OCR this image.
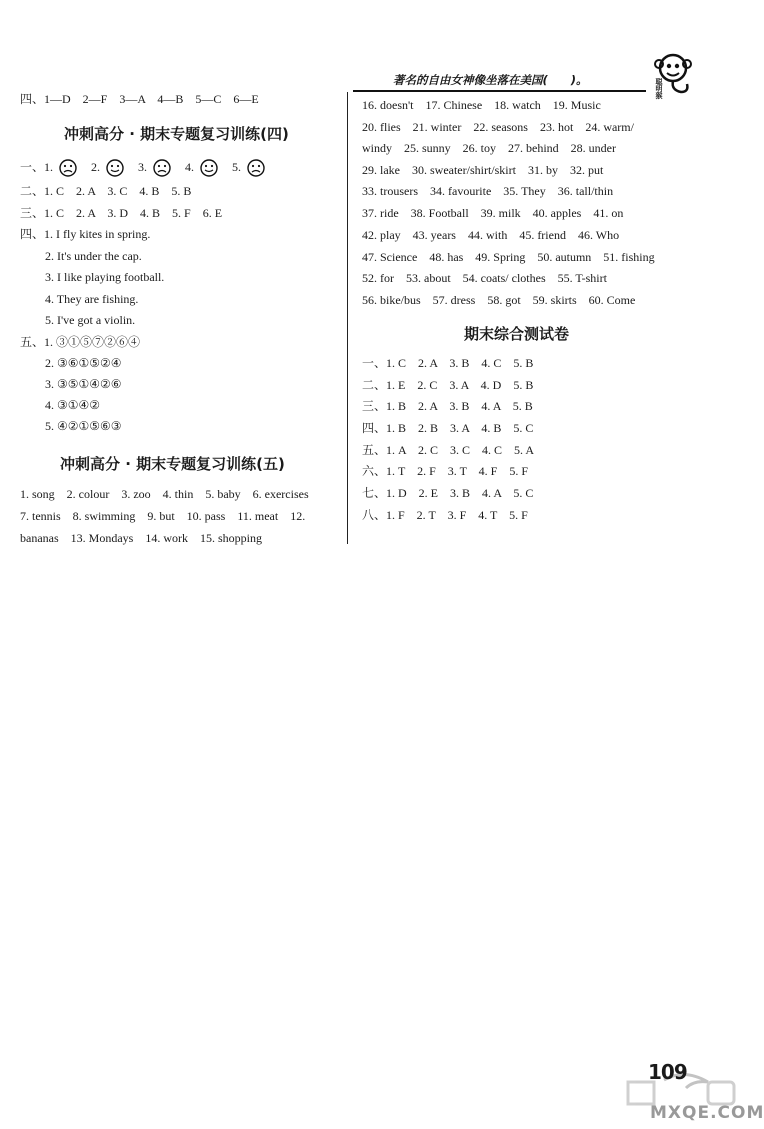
著名的自由女神像坐落在美国(　　)。	聪明猴
四、1—D　2—F　3—A　4—B　5—C　6—E
冲刺高分 · 期末专题复习训练(四)
一、1.	2.	3.	4.	5.
二、1. C　2. A　3. C　4. B　5. B
三、1. C　2. A　3. D　4. B　5. F　6. E
四、1. I fly kites in spring.
2. It's under the cap.
3. I like playing football.
4. They are fishing.
5. I've got a violin.
五、1. ③①⑤⑦②⑥④
2. ③⑥①⑤②④
3. ③⑤①④②⑥
4. ③①④②
5. ④②①⑤⑥③
冲刺高分 · 期末专题复习训练(五)
1. song　2. colour　3. zoo　4. thin　5. baby　6. exercises
7. tennis　8. swimming　9. but　10. pass　11. meat　12.
bananas　13. Mondays　14. work　15. shopping
16. doesn't　17. Chinese　18. watch　19. Music
20. flies　21. winter　22. seasons　23. hot　24. warm/
windy　25. sunny　26. toy　27. behind　28. under
29. lake　30. sweater/shirt/skirt　31. by　32. put
33. trousers　34. favourite　35. They　36. tall/thin
37. ride　38. Football　39. milk　40. apples　41. on
42. play　43. years　44. with　45. friend　46. Who
47. Science　48. has　49. Spring　50. autumn　51. fishing
52. for　53. about　54. coats/ clothes　55. T-shirt
56. bike/bus　57. dress　58. got　59. skirts　60. Come
期末综合测试卷
一、1. C　2. A　3. B　4. C　5. B
二、1. E　2. C　3. A　4. D　5. B
三、1. B　2. A　3. B　4. A　5. B
四、1. B　2. B　3. A　4. B　5. C
五、1. A　2. C　3. C　4. C　5. A
六、1. T　2. F　3. T　4. F　5. F
七、1. D　2. E　3. B　4. A　5. C
八、1. F　2. T　3. F　4. T　5. F
109
MXQE.COM
